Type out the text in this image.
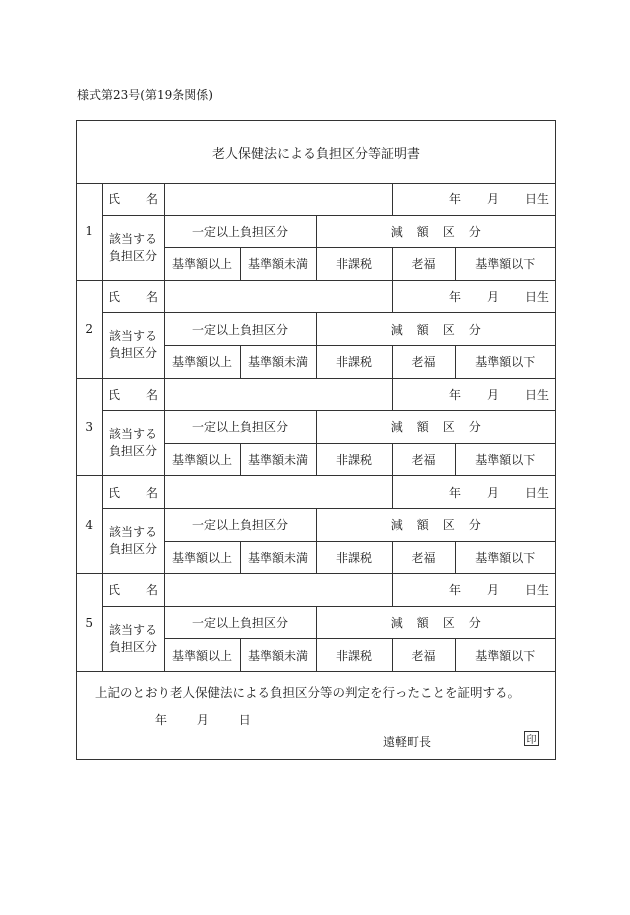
様式第23号(第19条関係)
老人保健法による負担区分等証明書
1	氏 名				年 月 日生	

	該当する
負担区分	一定以上負担区分		減 額 区 分		
		基準額以上	基準額未満	非課税	老福	基準額以下
2	氏 名				年 月 日生	

	該当する
負担区分	一定以上負担区分		減 額 区 分		
		基準額以上	基準額未満	非課税	老福	基準額以下
3	氏 名				年 月 日生	

	該当する
負担区分	一定以上負担区分		減 額 区 分		
		基準額以上	基準額未満	非課税	老福	基準額以下
4	氏 名				年 月 日生	

	該当する
負担区分	一定以上負担区分		減 額 区 分		
		基準額以上	基準額未満	非課税	老福	基準額以下
5	氏 名				年 月 日生	

	該当する
負担区分	一定以上負担区分		減 額 区 分		
		基準額以上	基準額未満	非課税	老福	基準額以下
上記のとおり老人保健法による負担区分等の判定を行ったことを証明する。
年 月 日
遠軽町長	印
